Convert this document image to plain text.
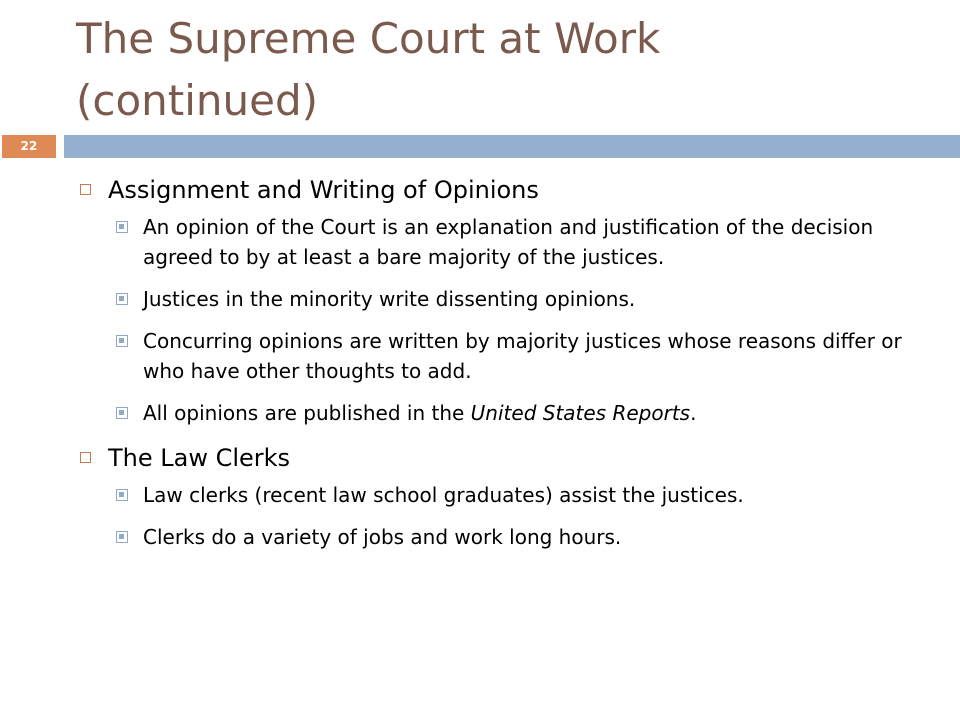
The Supreme Court at Work
(continued)
22
Assignment and Writing of Opinions
An opinion of the Court is an explanation and justification of the decision agreed to by at least a bare majority of the justices.
Justices in the minority write dissenting opinions.
Concurring opinions are written by majority justices whose reasons differ or who have other thoughts to add.
All opinions are published in the United States Reports.
The Law Clerks
Law clerks (recent law school graduates) assist the justices.
Clerks do a variety of jobs and work long hours.
